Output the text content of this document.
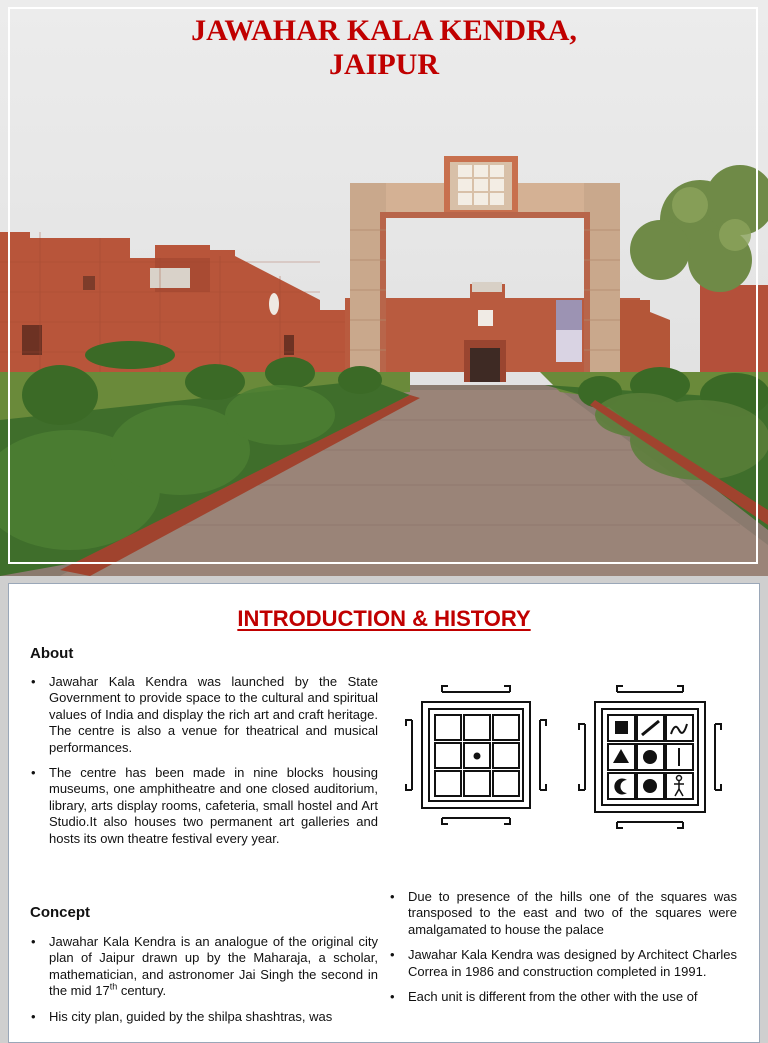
JAWAHAR KALA KENDRA,
JAIPUR
INTRODUCTION & HISTORY
About
• Jawahar Kala Kendra was launched by the State Government to provide space to the cultural and spiritual values of India and display the rich art and craft heritage. The centre is also a venue for theatrical and musical performances.
• The centre has been made in nine blocks housing museums, one amphitheatre and one closed auditorium, library, arts display rooms, cafeteria, small hostel and Art Studio.It also houses two permanent art galleries and hosts its own theatre festival every year.
Concept
• Jawahar Kala Kendra is an analogue of the original city plan of Jaipur drawn up by the Maharaja, a scholar, mathematician, and astronomer Jai Singh the second in the mid 17th century.
• His city plan, guided by the shilpa shashtras, was
• Due to presence of the hills one of the squares was transposed to the east and two of the squares were amalgamated to house the palace
• Jawahar Kala Kendra was designed by Architect Charles Correa in 1986 and construction completed in 1991.
• Each unit is different from the other with the use of
